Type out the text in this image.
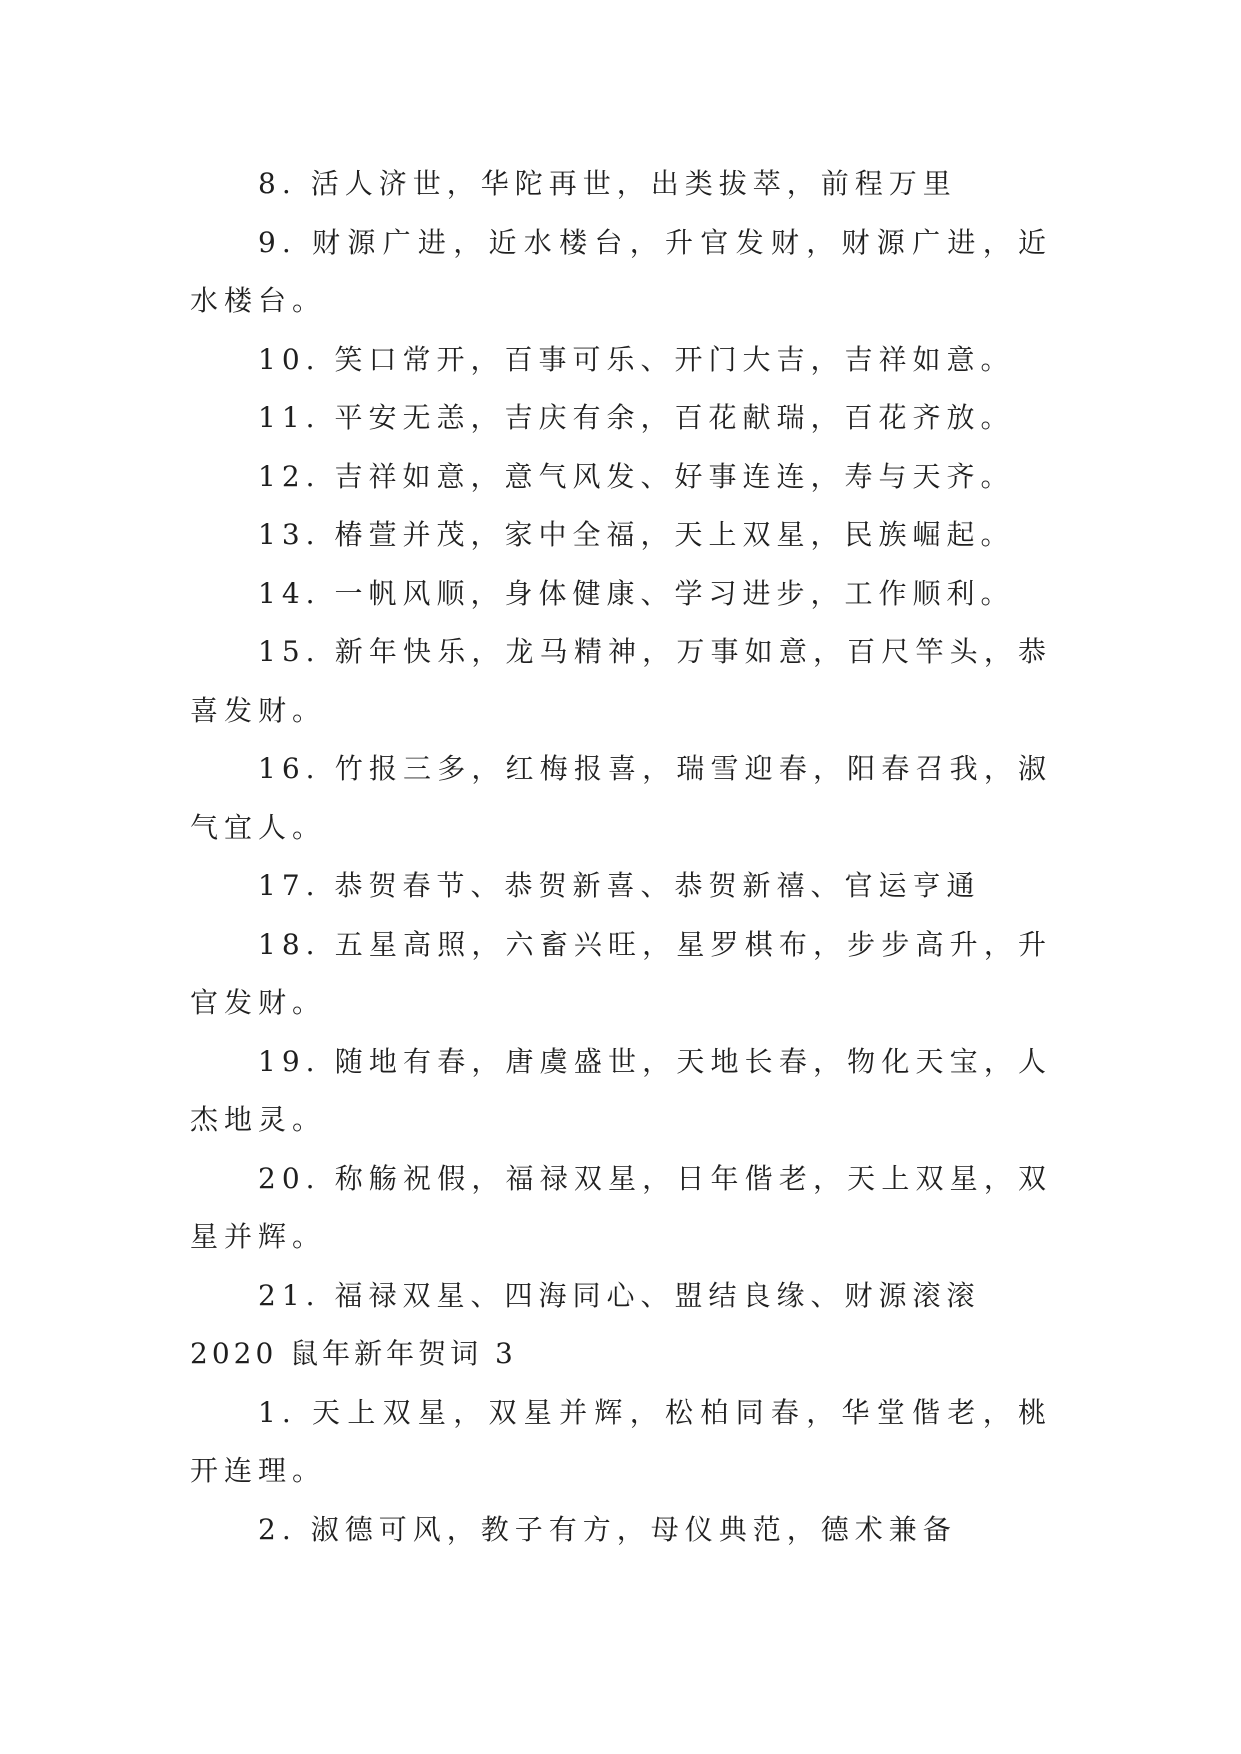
8. 活人济世，华陀再世，出类拔萃，前程万里

9. 财源广进，近水楼台，升官发财，财源广进，近水楼台。

10. 笑口常开，百事可乐、开门大吉，吉祥如意。

11. 平安无恙，吉庆有余，百花献瑞，百花齐放。

12. 吉祥如意，意气风发、好事连连，寿与天齐。

13. 椿萱并茂，家中全福，天上双星，民族崛起。

14. 一帆风顺，身体健康、学习进步，工作顺利。

15. 新年快乐，龙马精神，万事如意，百尺竿头，恭喜发财。

16. 竹报三多，红梅报喜，瑞雪迎春，阳春召我，淑气宜人。

17. 恭贺春节、恭贺新喜、恭贺新禧、官运亨通

18. 五星高照，六畜兴旺，星罗棋布，步步高升，升官发财。

19. 随地有春，唐虞盛世，天地长春，物化天宝，人杰地灵。

20. 称觞祝假，福禄双星，日年偕老，天上双星，双星并辉。

21. 福禄双星、四海同心、盟结良缘、财源滚滚

2020 鼠年新年贺词 3

1. 天上双星，双星并辉，松柏同春，华堂偕老，桃开连理。

2. 淑德可风，教子有方，母仪典范，德术兼备
